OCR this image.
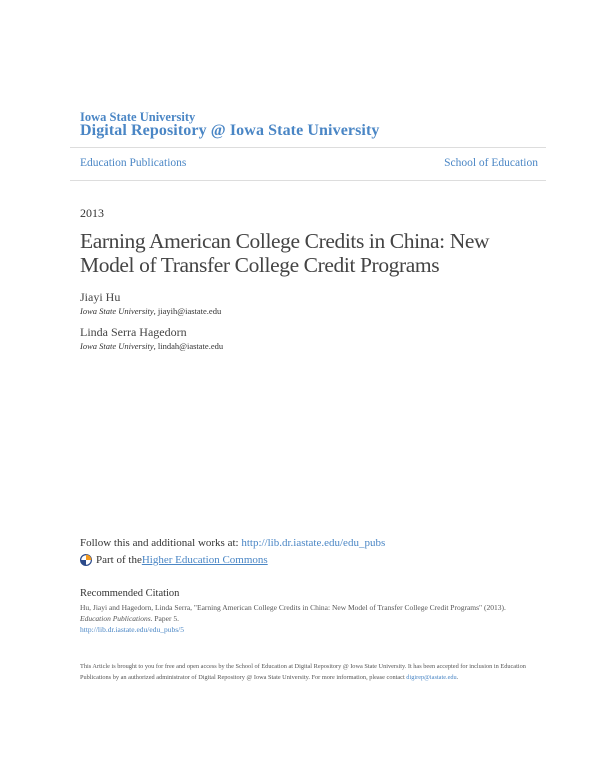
Iowa State University
Digital Repository @ Iowa State University
Education Publications	School of Education
2013
Earning American College Credits in China: New Model of Transfer College Credit Programs
Jiayi Hu
Iowa State University, jiayih@iastate.edu
Linda Serra Hagedorn
Iowa State University, lindah@iastate.edu
Follow this and additional works at: http://lib.dr.iastate.edu/edu_pubs
Part of the Higher Education Commons
Recommended Citation
Hu, Jiayi and Hagedorn, Linda Serra, "Earning American College Credits in China: New Model of Transfer College Credit Programs" (2013). Education Publications. Paper 5.
http://lib.dr.iastate.edu/edu_pubs/5
This Article is brought to you for free and open access by the School of Education at Digital Repository @ Iowa State University. It has been accepted for inclusion in Education Publications by an authorized administrator of Digital Repository @ Iowa State University. For more information, please contact digirep@iastate.edu.
